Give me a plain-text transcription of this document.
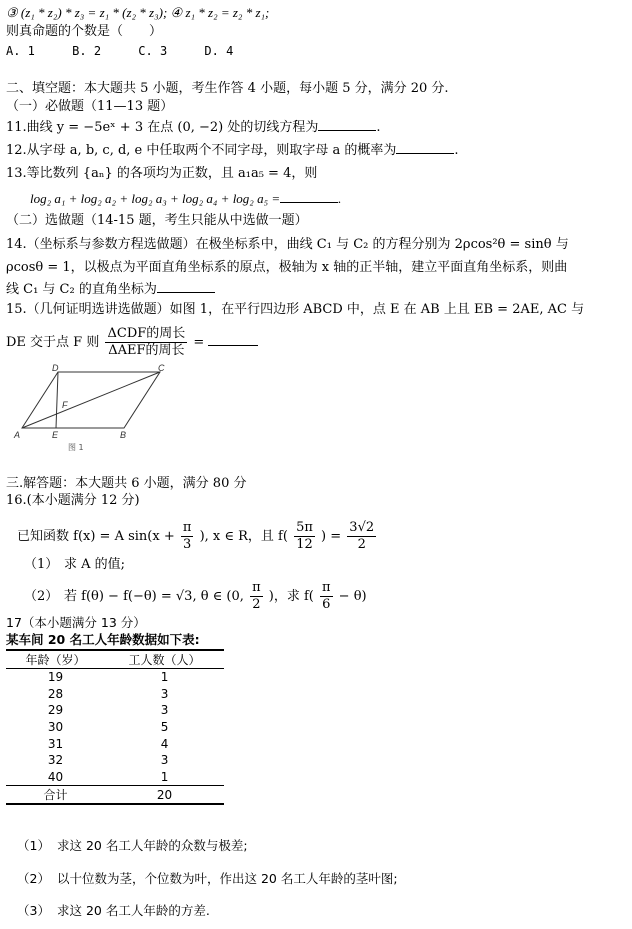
③ (z₁ * z₂) * z₃ = z₁ * (z₂ * z₃); ④ z₁ * z₂ = z₂ * z₁;
则真命题的个数是（　　）
A. 1	B. 2	C. 3	D. 4
二、填空题：本大题共 5 小题，考生作答 4 小题，每小题 5 分，满分 20 分.
（一）必做题（11—13 题）
11.曲线 y = −5eˣ + 3 在点 (0, −2) 处的切线方程为	.
12.从字母 a, b, c, d, e 中任取两个不同字母，则取字母 a 的概率为	.
13.等比数列 {aₙ} 的各项均为正数，且 a₁a₅ = 4，则
log₂ a₁ + log₂ a₂ + log₂ a₃ + log₂ a₄ + log₂ a₅ =	.
（二）选做题（14-15 题，考生只能从中选做一题）
14.（坐标系与参数方程选做题）在极坐标系中，曲线 C₁ 与 C₂ 的方程分别为 2ρcos²θ = sinθ 与
ρcosθ = 1，以极点为平面直角坐标系的原点，极轴为 x 轴的正半轴，建立平面直角坐标系，则曲
线 C₁ 与 C₂ 的直角坐标为
15.（几何证明选讲选做题）如图 1，在平行四边形 ABCD 中，点 E 在 AB 上且 EB = 2AE, AC 与
DE 交于点 F 则 $\frac{\text{ΔCDF的周长}}{\text{ΔAEF的周长}}$ =
A	E	B
D	C
F
图 1
三.解答题：本大题共 6 小题，满分 80 分
16.(本小题满分 12 分)
已知函数 f(x) = A $\sin(x + \frac{\pi}{3}$ ), x ∈ R，且 $f( \frac{5\pi}{12}$ ) = $\frac{3√2}{2}$
（1） 求 A 的值;
（2） 若 f(θ) − f(−θ) = √3, θ ∈ (0, $\frac{\pi}{2}$ )，求 $f( \frac{\pi}{6} - \theta)$
17（本小题满分 13 分）
某车间 20 名工人年龄数据如下表:
年龄（岁）	工人数（人）
19	1
28	3
29	3
30	5
31	4
32	3
40	1
合计	20
（1） 求这 20 名工人年龄的众数与极差;
（2） 以十位数为茎，个位数为叶，作出这 20 名工人年龄的茎叶图;
（3） 求这 20 名工人年龄的方差.
